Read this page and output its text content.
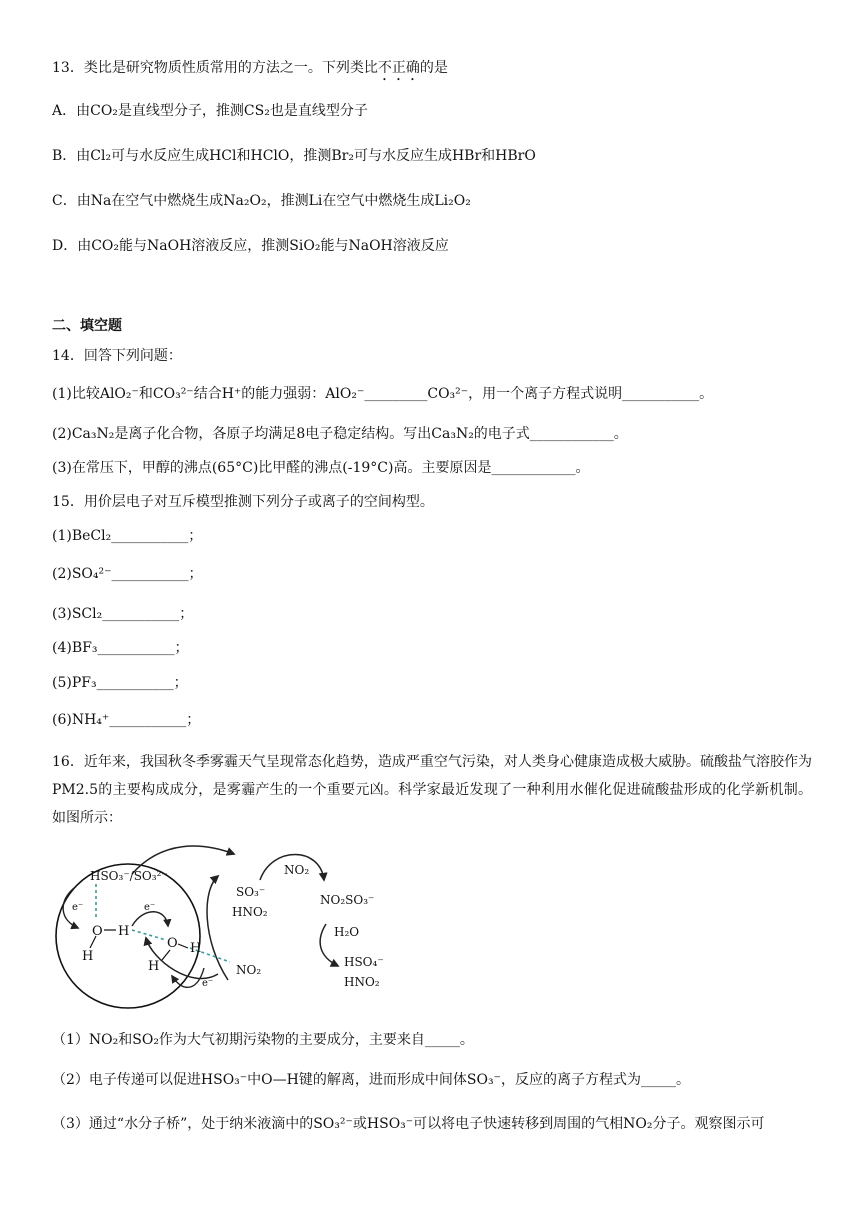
13．类比是研究物质性质常用的方法之一。下列类比不正确的是
A．由CO₂是直线型分子，推测CS₂也是直线型分子
B．由Cl₂可与水反应生成HCl和HClO，推测Br₂可与水反应生成HBr和HBrO
C．由Na在空气中燃烧生成Na₂O₂，推测Li在空气中燃烧生成Li₂O₂
D．由CO₂能与NaOH溶液反应，推测SiO₂能与NaOH溶液反应
二、填空题
14．回答下列问题：
(1)比较AlO₂⁻和CO₃²⁻结合H⁺的能力强弱：AlO₂⁻_________CO₃²⁻，用一个离子方程式说明___________。
(2)Ca₃N₂是离子化合物，各原子均满足8电子稳定结构。写出Ca₃N₂的电子式____________。
(3)在常压下，甲醇的沸点(65°C)比甲醛的沸点(-19°C)高。主要原因是____________。
15．用价层电子对互斥模型推测下列分子或离子的空间构型。
(1)BeCl₂___________；
(2)SO₄²⁻___________；
(3)SCl₂___________；
(4)BF₃___________；
(5)PF₃___________；
(6)NH₄⁺___________；
16．近年来，我国秋冬季雾霾天气呈现常态化趋势，造成严重空气污染，对人类身心健康造成极大威胁。硫酸盐气溶胶作为PM2.5的主要构成成分，是雾霾产生的一个重要元凶。科学家最近发现了一种利用水催化促进硫酸盐形成的化学新机制。如图所示：
HSO₃⁻/SO₃²⁻
e⁻	e⁻
e⁻
O H
H
O H
H	NO₂
SO₃⁻
HNO₂
NO₂
NO₂SO₃⁻
H₂O
HSO₄⁻
HNO₂
（1）NO₂和SO₂作为大气初期污染物的主要成分，主要来自_____。
（2）电子传递可以促进HSO₃⁻中O—H键的解离，进而形成中间体SO₃⁻，反应的离子方程式为_____。
（3）通过“水分子桥”，处于纳米液滴中的SO₃²⁻或HSO₃⁻可以将电子快速转移到周围的气相NO₂分子。观察图示可
